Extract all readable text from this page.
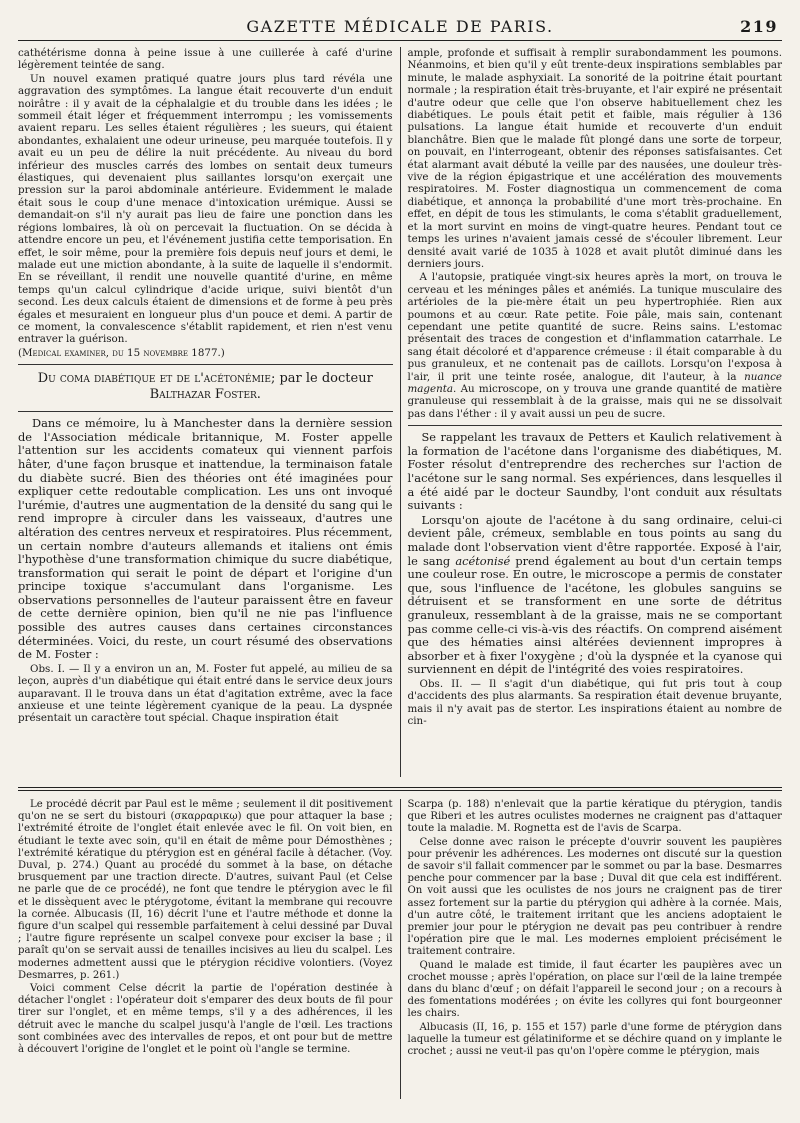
GAZETTE MÉDICALE DE PARIS.	219

cathétérisme donna à peine issue à une cuillerée à café d'urine légèrement teintée de sang.

Un nouvel examen pratiqué quatre jours plus tard révéla une aggravation des symptômes. La langue était recouverte d'un enduit noirâtre : il y avait de la céphalalgie et du trouble dans les idées ; le sommeil était léger et fréquemment interrompu ; les vomissements avaient reparu. Les selles étaient régulières ; les sueurs, qui étaient abondantes, exhalaient une odeur urineuse, peu marquée toutefois. Il y avait eu un peu de délire la nuit précédente. Au niveau du bord inférieur des muscles carrés des lombes on sentait deux tumeurs élastiques, qui devenaient plus saillantes lorsqu'on exerçait une pression sur la paroi abdominale antérieure. Evidemment le malade était sous le coup d'une menace d'intoxication urémique. Aussi se demandait-on s'il n'y aurait pas lieu de faire une ponction dans les régions lombaires, là où on percevait la fluctuation. On se décida à attendre encore un peu, et l'événement justifia cette temporisation. En effet, le soir même, pour la première fois depuis neuf jours et demi, le malade eut une miction abondante, à la suite de laquelle il s'endormit. En se réveillant, il rendit une nouvelle quantité d'urine, en même temps qu'un calcul cylindrique d'acide urique, suivi bientôt d'un second. Les deux calculs étaient de dimensions et de forme à peu près égales et mesuraient en longueur plus d'un pouce et demi. A partir de ce moment, la convalescence s'établit rapidement, et rien n'est venu entraver la guérison.

(Medical examiner, du 15 novembre 1877.)

Du coma diabétique et de l'acétonémie; par le docteur
Balthazar Foster.

Dans ce mémoire, lu à Manchester dans la dernière session de l'Association médicale britannique, M. Foster appelle l'attention sur les accidents comateux qui viennent parfois hâter, d'une façon brusque et inattendue, la terminaison fatale du diabète sucré. Bien des théories ont été imaginées pour expliquer cette redoutable complication. Les uns ont invoqué l'urémie, d'autres une augmentation de la densité du sang qui le rend impropre à circuler dans les vaisseaux, d'autres une altération des centres nerveux et respiratoires. Plus récemment, un certain nombre d'auteurs allemands et italiens ont émis l'hypothèse d'une transformation chimique du sucre diabétique, transformation qui serait le point de départ et l'origine d'un principe toxique s'accumulant dans l'organisme. Les observations personnelles de l'auteur paraissent être en faveur de cette dernière opinion, bien qu'il ne nie pas l'influence possible des autres causes dans certaines circonstances déterminées. Voici, du reste, un court résumé des observations de M. Foster :

Obs. I. — Il y a environ un an, M. Foster fut appelé, au milieu de sa leçon, auprès d'un diabétique qui était entré dans le service deux jours auparavant. Il le trouva dans un état d'agitation extrême, avec la face anxieuse et une teinte légèrement cyanique de la peau. La dyspnée présentait un caractère tout spécial. Chaque inspiration était

ample, profonde et suffisait à remplir surabondamment les poumons. Néanmoins, et bien qu'il y eût trente-deux inspirations semblables par minute, le malade asphyxiait. La sonorité de la poitrine était pourtant normale ; la respiration était très-bruyante, et l'air expiré ne présentait d'autre odeur que celle que l'on observe habituellement chez les diabétiques. Le pouls était petit et faible, mais régulier à 136 pulsations. La langue était humide et recouverte d'un enduit blanchâtre. Bien que le malade fût plongé dans une sorte de torpeur, on pouvait, en l'interrogeant, obtenir des réponses satisfaisantes. Cet état alarmant avait débuté la veille par des nausées, une douleur très-vive de la région épigastrique et une accélération des mouvements respiratoires. M. Foster diagnostiqua un commencement de coma diabétique, et annonça la probabilité d'une mort très-prochaine. En effet, en dépit de tous les stimulants, le coma s'établit graduellement, et la mort survint en moins de vingt-quatre heures. Pendant tout ce temps les urines n'avaient jamais cessé de s'écouler librement. Leur densité avait varié de 1035 à 1028 et avait plutôt diminué dans les derniers jours.

A l'autopsie, pratiquée vingt-six heures après la mort, on trouva le cerveau et les méninges pâles et anémiés. La tunique musculaire des artérioles de la pie-mère était un peu hypertrophiée. Rien aux poumons et au cœur. Rate petite. Foie pâle, mais sain, contenant cependant une petite quantité de sucre. Reins sains. L'estomac présentait des traces de congestion et d'inflammation catarrhale. Le sang était décoloré et d'apparence crémeuse : il était comparable à du pus granuleux, et ne contenait pas de caillots. Lorsqu'on l'exposa à l'air, il prit une teinte rosée, analogue, dit l'auteur, à la nuance magenta. Au microscope, on y trouva une grande quantité de matière granuleuse qui ressemblait à de la graisse, mais qui ne se dissolvait pas dans l'éther : il y avait aussi un peu de sucre.

Se rappelant les travaux de Petters et Kaulich relativement à la formation de l'acétone dans l'organisme des diabétiques, M. Foster résolut d'entreprendre des recherches sur l'action de l'acétone sur le sang normal. Ses expériences, dans lesquelles il a été aidé par le docteur Saundby, l'ont conduit aux résultats suivants :

Lorsqu'on ajoute de l'acétone à du sang ordinaire, celui-ci devient pâle, crémeux, semblable en tous points au sang du malade dont l'observation vient d'être rapportée. Exposé à l'air, le sang acétonisé prend également au bout d'un certain temps une couleur rose. En outre, le microscope a permis de constater que, sous l'influence de l'acétone, les globules sanguins se détruisent et se transforment en une sorte de détritus granuleux, ressemblant à de la graisse, mais ne se comportant pas comme celle-ci vis-à-vis des réactifs. On comprend aisément que des hématies ainsi altérées deviennent impropres à absorber et à fixer l'oxygène ; d'où la dyspnée et la cyanose qui surviennent en dépit de l'intégrité des voies respiratoires.

Obs. II. — Il s'agit d'un diabétique, qui fut pris tout à coup d'accidents des plus alarmants. Sa respiration était devenue bruyante, mais il n'y avait pas de stertor. Les inspirations étaient au nombre de cin-

Le procédé décrit par Paul est le même ; seulement il dit positivement qu'on ne se sert du bistouri (σκαρραρικῳ) que pour attaquer la base ; l'extrémité étroite de l'onglet était enlevée avec le fil. On voit bien, en étudiant le texte avec soin, qu'il en était de même pour Démosthènes ; l'extrémité kératique du ptérygion est en général facile à détacher. (Voy. Duval, p. 274.) Quant au procédé du sommet à la base, on détache brusquement par une traction directe. D'autres, suivant Paul (et Celse ne parle que de ce procédé), ne font que tendre le ptérygion avec le fil et le dissèquent avec le ptérygotome, évitant la membrane qui recouvre la cornée. Albucasis (II, 16) décrit l'une et l'autre méthode et donne la figure d'un scalpel qui ressemble parfaitement à celui dessiné par Duval ; l'autre figure représente un scalpel convexe pour exciser la base ; il paraît qu'on se servait aussi de tenailles incisives au lieu du scalpel. Les modernes admettent aussi que le ptérygion récidive volontiers. (Voyez Desmarres, p. 261.)

Voici comment Celse décrit la partie de l'opération destinée à détacher l'onglet : l'opérateur doit s'emparer des deux bouts de fil pour tirer sur l'onglet, et en même temps, s'il y a des adhérences, il les détruit avec le manche du scalpel jusqu'à l'angle de l'œil. Les tractions sont combinées avec des intervalles de repos, et ont pour but de mettre à découvert l'origine de l'onglet et le point où l'angle se termine.

Scarpa (p. 188) n'enlevait que la partie kératique du ptérygion, tandis que Riberi et les autres oculistes modernes ne craignent pas d'attaquer toute la maladie. M. Rognetta est de l'avis de Scarpa.

Celse donne avec raison le précepte d'ouvrir souvent les paupières pour prévenir les adhérences. Les modernes ont discuté sur la question de savoir s'il fallait commencer par le sommet ou par la base. Desmarres penche pour commencer par la base ; Duval dit que cela est indifférent. On voit aussi que les oculistes de nos jours ne craignent pas de tirer assez fortement sur la partie du ptérygion qui adhère à la cornée. Mais, d'un autre côté, le traitement irritant que les anciens adoptaient le premier jour pour le ptérygion ne devait pas peu contribuer à rendre l'opération pire que le mal. Les modernes emploient précisément le traitement contraire.

Quand le malade est timide, il faut écarter les paupières avec un crochet mousse ; après l'opération, on place sur l'œil de la laine trempée dans du blanc d'œuf ; on défait l'appareil le second jour ; on a recours à des fomentations modérées ; on évite les collyres qui font bourgeonner les chairs.

Albucasis (II, 16, p. 155 et 157) parle d'une forme de ptérygion dans laquelle la tumeur est gélatiniforme et se déchire quand on y implante le crochet ; aussi ne veut-il pas qu'on l'opère comme le ptérygion, mais
